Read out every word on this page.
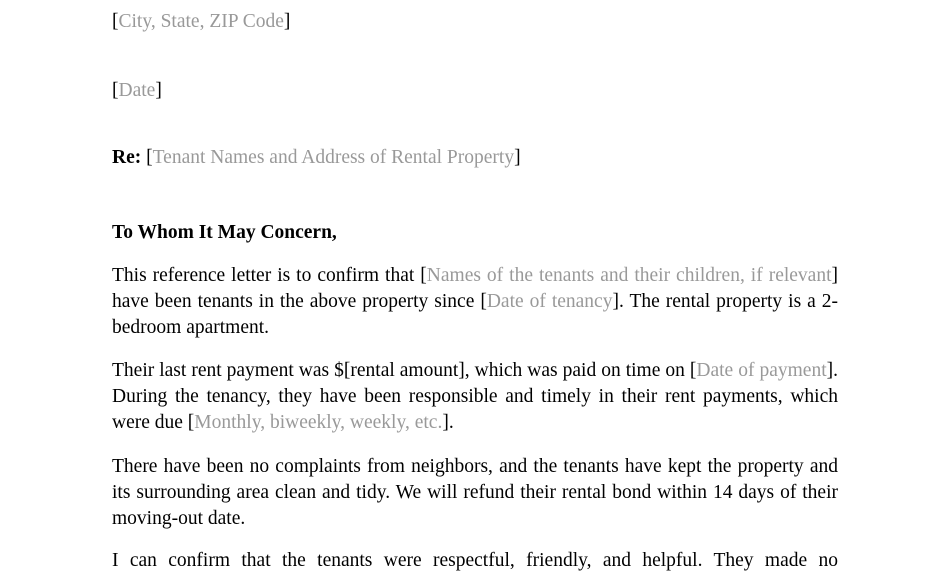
[City, State, ZIP Code]
[Date]
Re: [Tenant Names and Address of Rental Property]
To Whom It May Concern,
This reference letter is to confirm that [Names of the tenants and their children, if relevant] have been tenants in the above property since [Date of tenancy]. The rental property is a 2-bedroom apartment.
Their last rent payment was $[rental amount], which was paid on time on [Date of payment]. During the tenancy, they have been responsible and timely in their rent payments, which were due [Monthly, biweekly, weekly, etc.].
There have been no complaints from neighbors, and the tenants have kept the property and its surrounding area clean and tidy. We will refund their rental bond within 14 days of their moving-out date.
I can confirm that the tenants were respectful, friendly, and helpful. They made no
